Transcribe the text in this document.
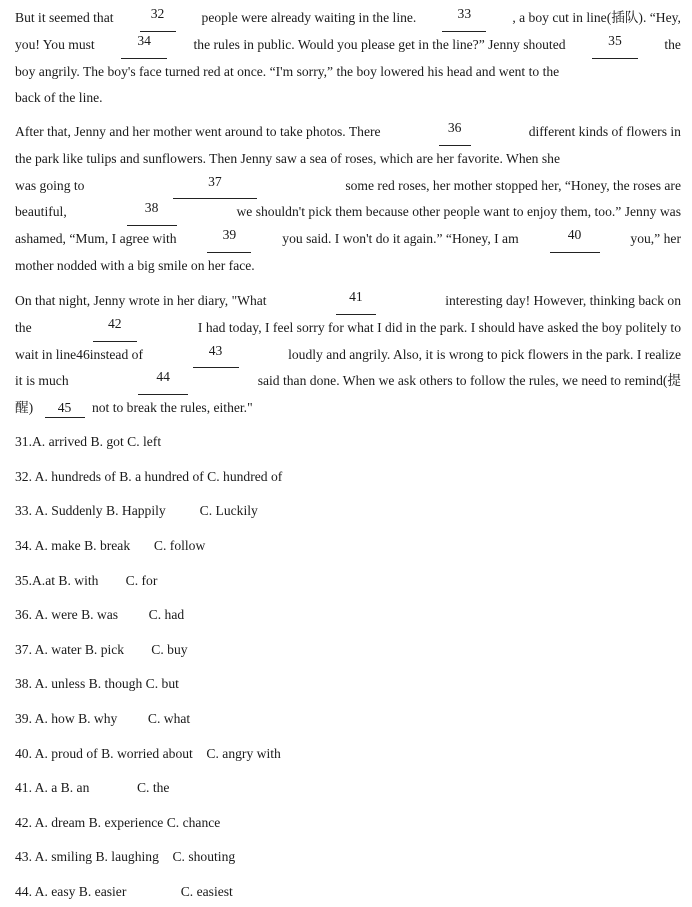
But it seemed that	32	people were already waiting in the line.	33	, a boy cut in line(插队). “Hey,
you! You must	34	the rules in public. Would you please get in the line?” Jenny shouted	35	the
boy angrily. The boy's face turned red at once. “I'm sorry,” the boy lowered his head and went to the
back of the line.
After that, Jenny and her mother went around to take photos. There	36	different kinds of flowers in
the park like tulips and sunflowers. Then Jenny saw a sea of roses, which are her favorite. When she
was going to	37	some red roses, her mother stopped her, “Honey, the roses are
beautiful,	38	we shouldn't pick them because other people want to enjoy them, too.” Jenny was
ashamed, “Mum, I agree with	39	you said. I won't do it again.” “Honey, I am	40	you,” her
mother nodded with a big smile on her face.
On that night, Jenny wrote in her diary, "What	41	interesting day! However, thinking back on
the	42	I had today, I feel sorry for what I did in the park. I should have asked the boy politely to
wait in line46instead of	43	loudly and angrily. Also, it is wrong to pick flowers in the park. I realize
it is much	44	said than done. When we ask others to follow the rules, we need to remind(提
醒) 45 not to break the rules, either."
31.A. arrived B. got C. left
32. A. hundreds of B. a hundred of C. hundred of
33. A. Suddenly B. Happily          C. Luckily
34. A. make B. break       C. follow
35.A.at B. with        C. for
36. A. were B. was         C. had
37. A. water B. pick        C. buy
38. A. unless B. though C. but
39. A. how B. why         C. what
40. A. proud of B. worried about    C. angry with
41. A. a B. an              C. the
42. A. dream B. experience C. chance
43. A. smiling B. laughing    C. shouting
44. A. easy B. easier                C. easiest
